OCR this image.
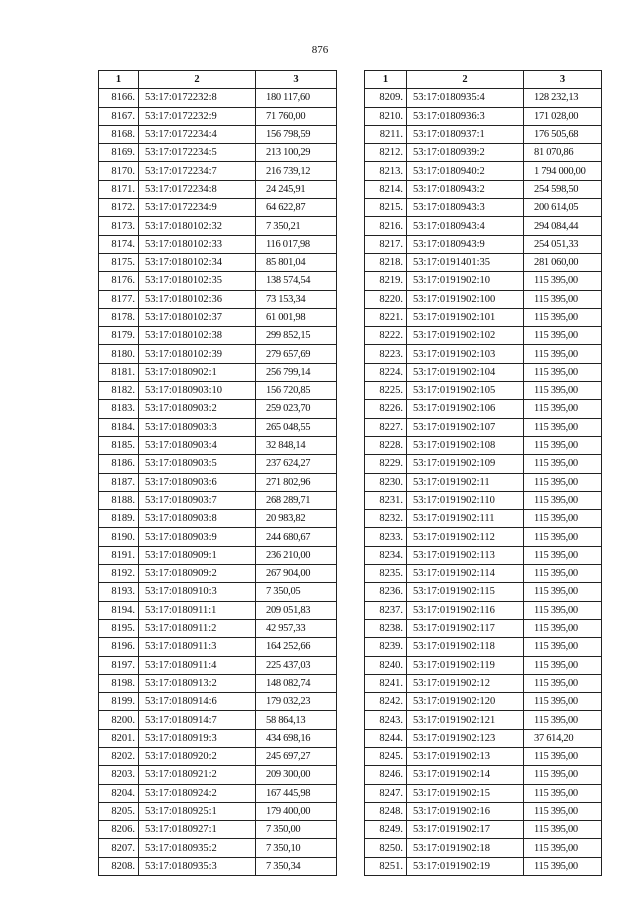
876
1	2	3
8166.	53:17:0172232:8	180 117,60
8167.	53:17:0172232:9	71 760,00
8168.	53:17:0172234:4	156 798,59
8169.	53:17:0172234:5	213 100,29
8170.	53:17:0172234:7	216 739,12
8171.	53:17:0172234:8	24 245,91
8172.	53:17:0172234:9	64 622,87
8173.	53:17:0180102:32	7 350,21
8174.	53:17:0180102:33	116 017,98
8175.	53:17:0180102:34	85 801,04
8176.	53:17:0180102:35	138 574,54
8177.	53:17:0180102:36	73 153,34
8178.	53:17:0180102:37	61 001,98
8179.	53:17:0180102:38	299 852,15
8180.	53:17:0180102:39	279 657,69
8181.	53:17:0180902:1	256 799,14
8182.	53:17:0180903:10	156 720,85
8183.	53:17:0180903:2	259 023,70
8184.	53:17:0180903:3	265 048,55
8185.	53:17:0180903:4	32 848,14
8186.	53:17:0180903:5	237 624,27
8187.	53:17:0180903:6	271 802,96
8188.	53:17:0180903:7	268 289,71
8189.	53:17:0180903:8	20 983,82
8190.	53:17:0180903:9	244 680,67
8191.	53:17:0180909:1	236 210,00
8192.	53:17:0180909:2	267 904,00
8193.	53:17:0180910:3	7 350,05
8194.	53:17:0180911:1	209 051,83
8195.	53:17:0180911:2	42 957,33
8196.	53:17:0180911:3	164 252,66
8197.	53:17:0180911:4	225 437,03
8198.	53:17:0180913:2	148 082,74
8199.	53:17:0180914:6	179 032,23
8200.	53:17:0180914:7	58 864,13
8201.	53:17:0180919:3	434 698,16
8202.	53:17:0180920:2	245 697,27
8203.	53:17:0180921:2	209 300,00
8204.	53:17:0180924:2	167 445,98
8205.	53:17:0180925:1	179 400,00
8206.	53:17:0180927:1	7 350,00
8207.	53:17:0180935:2	7 350,10
8208.	53:17:0180935:3	7 350,34
1	2	3
8209.	53:17:0180935:4	128 232,13
8210.	53:17:0180936:3	171 028,00
8211.	53:17:0180937:1	176 505,68
8212.	53:17:0180939:2	81 070,86
8213.	53:17:0180940:2	1 794 000,00
8214.	53:17:0180943:2	254 598,50
8215.	53:17:0180943:3	200 614,05
8216.	53:17:0180943:4	294 084,44
8217.	53:17:0180943:9	254 051,33
8218.	53:17:0191401:35	281 060,00
8219.	53:17:0191902:10	115 395,00
8220.	53:17:0191902:100	115 395,00
8221.	53:17:0191902:101	115 395,00
8222.	53:17:0191902:102	115 395,00
8223.	53:17:0191902:103	115 395,00
8224.	53:17:0191902:104	115 395,00
8225.	53:17:0191902:105	115 395,00
8226.	53:17:0191902:106	115 395,00
8227.	53:17:0191902:107	115 395,00
8228.	53:17:0191902:108	115 395,00
8229.	53:17:0191902:109	115 395,00
8230.	53:17:0191902:11	115 395,00
8231.	53:17:0191902:110	115 395,00
8232.	53:17:0191902:111	115 395,00
8233.	53:17:0191902:112	115 395,00
8234.	53:17:0191902:113	115 395,00
8235.	53:17:0191902:114	115 395,00
8236.	53:17:0191902:115	115 395,00
8237.	53:17:0191902:116	115 395,00
8238.	53:17:0191902:117	115 395,00
8239.	53:17:0191902:118	115 395,00
8240.	53:17:0191902:119	115 395,00
8241.	53:17:0191902:12	115 395,00
8242.	53:17:0191902:120	115 395,00
8243.	53:17:0191902:121	115 395,00
8244.	53:17:0191902:123	37 614,20
8245.	53:17:0191902:13	115 395,00
8246.	53:17:0191902:14	115 395,00
8247.	53:17:0191902:15	115 395,00
8248.	53:17:0191902:16	115 395,00
8249.	53:17:0191902:17	115 395,00
8250.	53:17:0191902:18	115 395,00
8251.	53:17:0191902:19	115 395,00
